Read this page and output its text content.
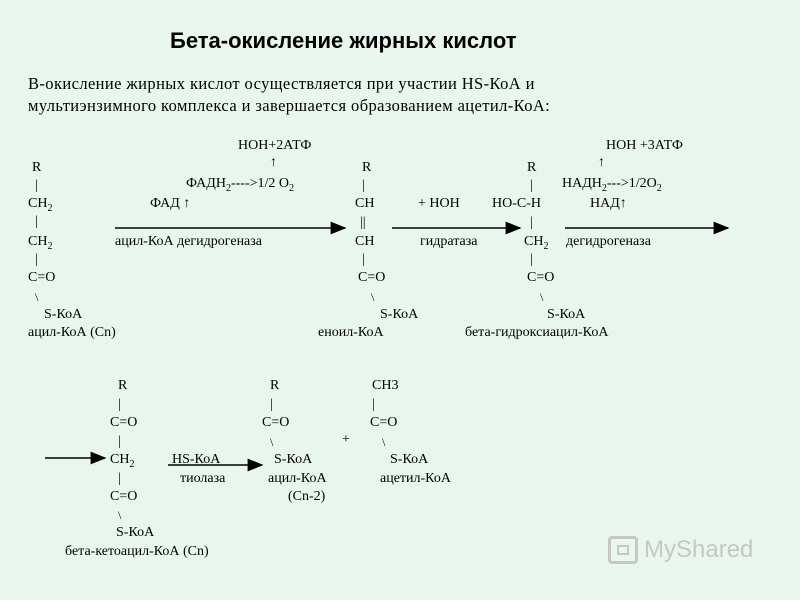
Бета-окисление жирных кислот
В-окисление жирных кислот осуществляется при участии HS-КоА и
мультиэнзимного комплекса и завершается образованием ацетил-КоА:
R
|
$CH_2$
|
$CH_2$
|
C=O
\
S-КоА
ацил-КоА (Cn)
НОН+2АТФ
↑
$ФАДН_2---->1/2$ $О_2$
ФАД ↑
ацил-КоА дегидрогеназа
R
|
CH
||
CH
|
C=O
\
S-КоА
еноил-КоА
+ НОН
гидратаза
R
|
НО-С-Н
|
$CH_2$
|
C=O
\
S-КоА
бета-гидроксиацил-КоА
НОН +3АТФ
↑
$НАДН_2--->1/2О_2$
НАД↑
дегидрогеназа
R
|
C=O
|
$CH_2$
|
C=O
\
S-КоА
бета-кетоацил-КоА (Cn)
HS-КоА
тиолаза
R
|
C=O
\
S-КоА
ацил-КоА
(Cn-2)
+
CH3
|
C=O
\
S-КоА
ацетил-КоА
MyShared
